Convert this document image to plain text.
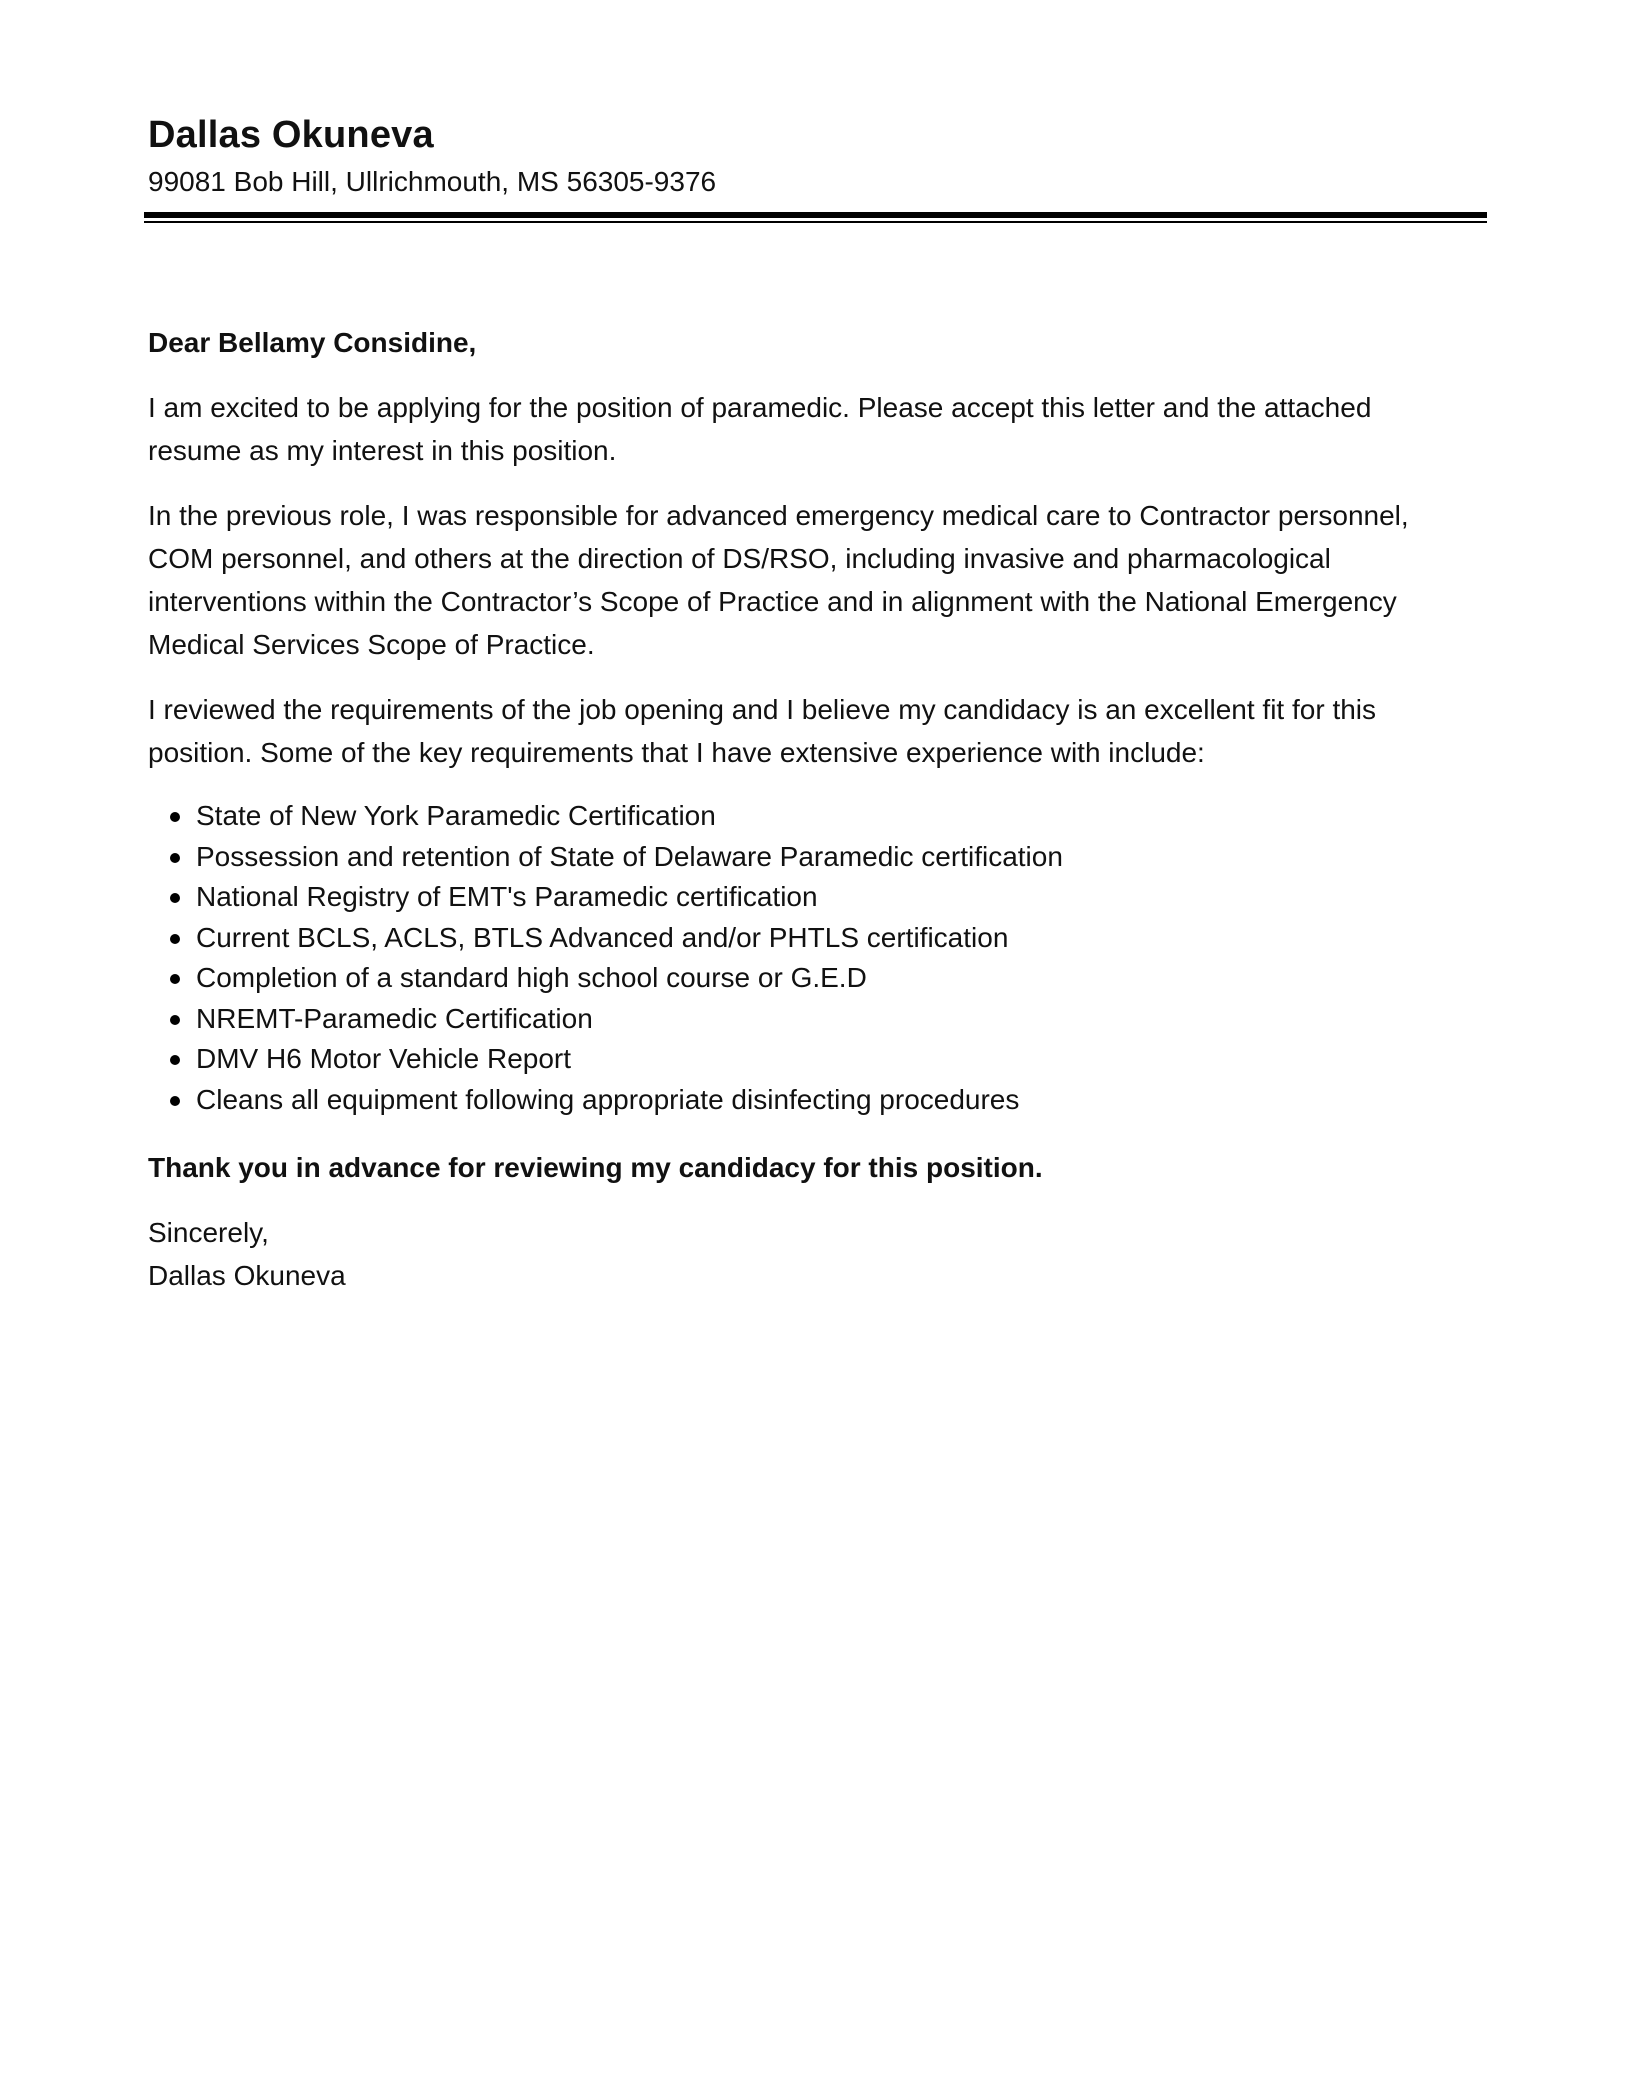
Dallas Okuneva
99081 Bob Hill, Ullrichmouth, MS 56305-9376
Dear Bellamy Considine,

I am excited to be applying for the position of paramedic. Please accept this letter and the attached resume as my interest in this position.

In the previous role, I was responsible for advanced emergency medical care to Contractor personnel, COM personnel, and others at the direction of DS/RSO, including invasive and pharmacological interventions within the Contractor’s Scope of Practice and in alignment with the National Emergency Medical Services Scope of Practice.

I reviewed the requirements of the job opening and I believe my candidacy is an excellent fit for this position. Some of the key requirements that I have extensive experience with include:

State of New York Paramedic Certification
Possession and retention of State of Delaware Paramedic certification
National Registry of EMT's Paramedic certification
Current BCLS, ACLS, BTLS Advanced and/or PHTLS certification
Completion of a standard high school course or G.E.D
NREMT-Paramedic Certification
DMV H6 Motor Vehicle Report
Cleans all equipment following appropriate disinfecting procedures
Thank you in advance for reviewing my candidacy for this position.
Sincerely,
Dallas Okuneva
